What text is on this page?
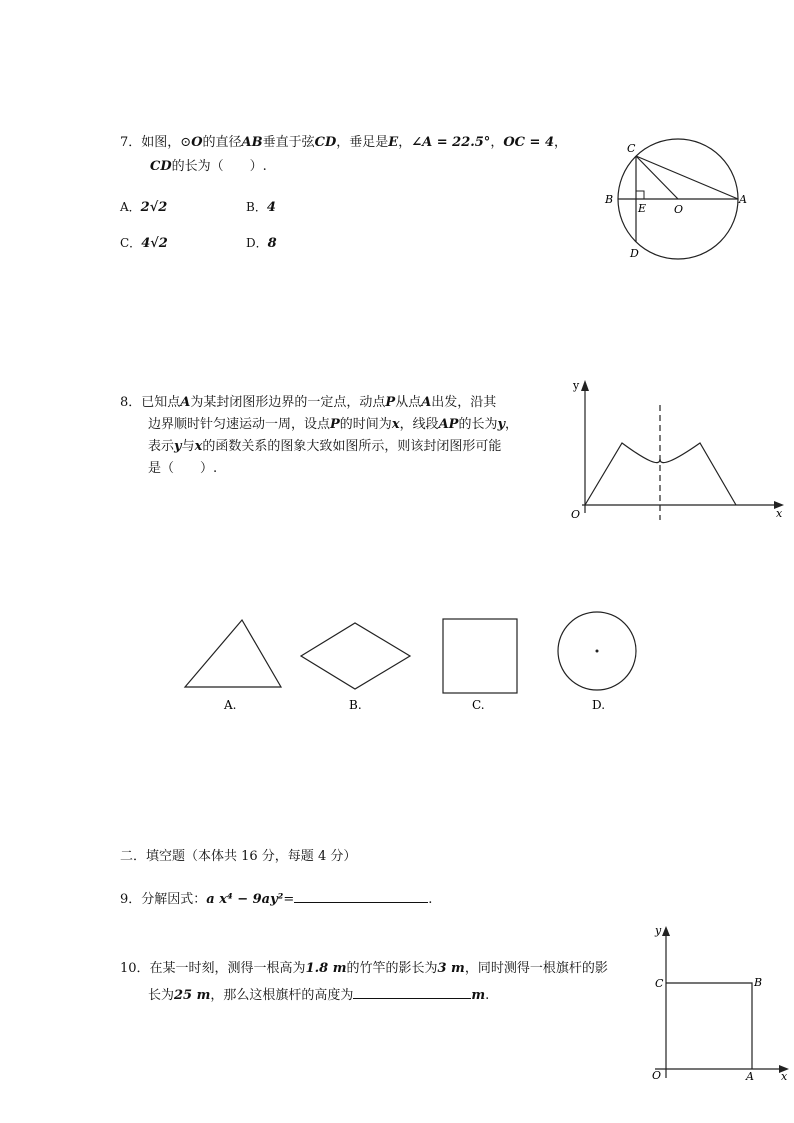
7．如图，⊙O的直径AB垂直于弦CD，垂足是E，∠A = 22.5°，OC = 4，
CD的长为（　　）.
A．2√2	B．4
C．4√2	D．8
C
B
E	O
A
D
8．已知点A为某封闭图形边界的一定点，动点P从点A出发，沿其
边界顺时针匀速运动一周，设点P的时间为x，线段AP的长为y，
表示y与x的函数关系的图象大致如图所示，则该封闭图形可能
是（　　）.
y
x
O
A.	B.	C.	D.
二．填空题（本体共 16 分，每题 4 分）
9．分解因式：a x⁴ − 9ay²=	.
10．在某一时刻，测得一根高为1.8 m的竹竿的影长为3 m，同时测得一根旗杆的影
长为25 m，那么这根旗杆的高度为	m.
y
x
O
C	B
A
